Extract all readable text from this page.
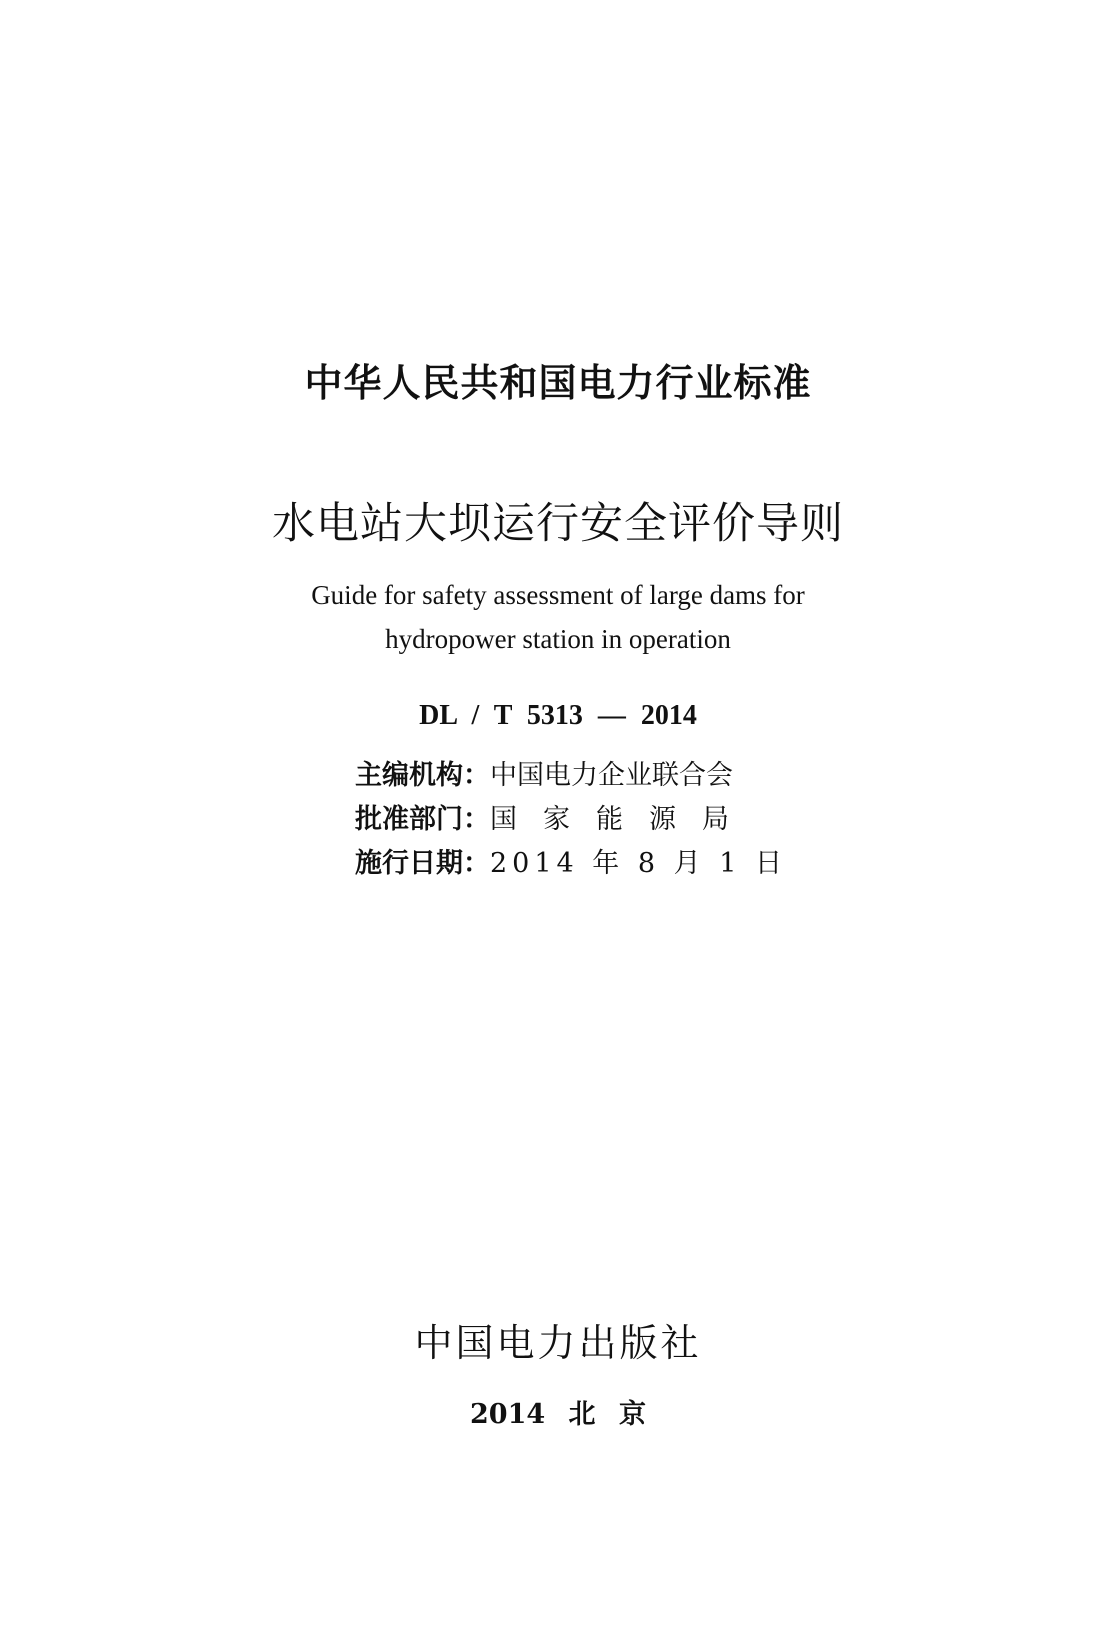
中华人民共和国电力行业标准
水电站大坝运行安全评价导则
Guide for safety assessment of large dams for
hydropower station in operation
DL / T 5313 — 2014
主编机构： 中国电力企业联合会
批准部门： 国家能源局
施行日期： 2014 年 8 月 1 日
中国电力出版社
2014 北 京
